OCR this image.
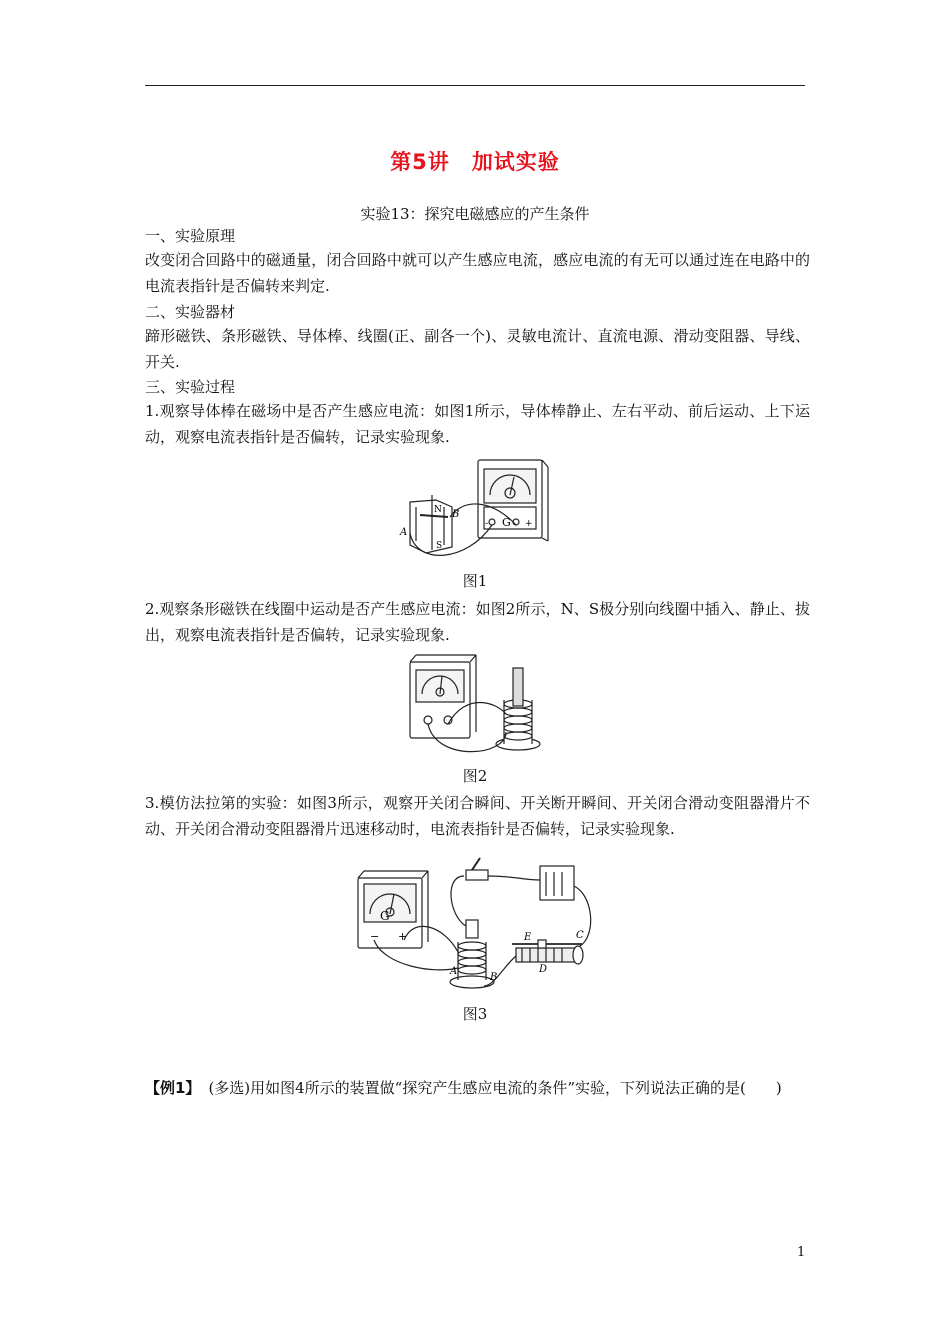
第5讲 加试实验
实验13：探究电磁感应的产生条件
一、实验原理
改变闭合回路中的磁通量，闭合回路中就可以产生感应电流，感应电流的有无可以通过连在电路中的电流表指针是否偏转来判定.
二、实验器材
蹄形磁铁、条形磁铁、导体棒、线圈(正、副各一个)、灵敏电流计、直流电源、滑动变阻器、导线、开关.
三、实验过程
1.观察导体棒在磁场中是否产生感应电流：如图1所示，导体棒静止、左右平动、前后运动、上下运动，观察电流表指针是否偏转，记录实验现象.
A
B
N
S
G
-	+
图1
2.观察条形磁铁在线圈中运动是否产生感应电流：如图2所示，N、S极分别向线圈中插入、静止、拔出，观察电流表指针是否偏转，记录实验现象.
图2
3.模仿法拉第的实验：如图3所示，观察开关闭合瞬间、开关断开瞬间、开关闭合滑动变阻器滑片不动、开关闭合滑动变阻器滑片迅速移动时，电流表指针是否偏转，记录实验现象.
G
− +
A
B
C
D
E
图3
【例1】 (多选)用如图4所示的装置做“探究产生感应电流的条件”实验，下列说法正确的是(　　)
1
